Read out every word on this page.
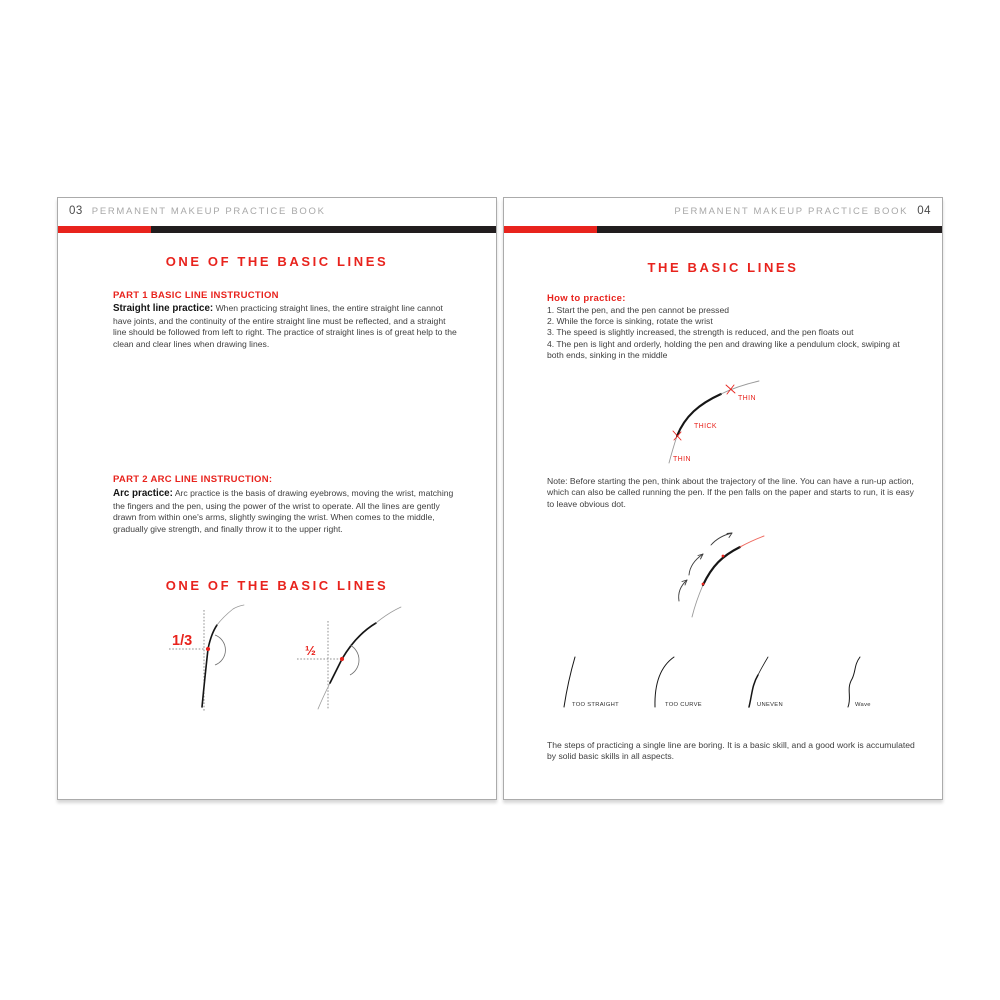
03 PERMANENT MAKEUP PRACTICE BOOK
ONE OF THE BASIC LINES
PART 1 BASIC LINE INSTRUCTION

Straight line practice: When practicing straight lines, the entire straight line cannot have joints, and the continuity of the entire straight line must be reflected, and a straight line should be followed from left to right. The practice of straight lines is of great help to the clean and clear lines when drawing lines.

PART 2 ARC LINE INSTRUCTION:

Arc practice: Arc practice is the basis of drawing eyebrows, moving the wrist, matching the fingers and the pen, using the power of the wrist to operate. All the lines are gently drawn from within one's arms, slightly swinging the wrist. When comes to the middle, gradually give strength, and finally throw it to the upper right.

ONE OF THE BASIC LINES
1/3
½
PERMANENT MAKEUP PRACTICE BOOK 04
THE BASIC LINES
How to practice:
1. Start the pen, and the pen cannot be pressed
2. While the force is sinking, rotate the wrist
3. The speed is slightly increased, the strength is reduced, and the pen floats out
4. The pen is light and orderly, holding the pen and drawing like a pendulum clock, swiping at both ends, sinking in the middle
THIN
THICK
THIN

Note: Before starting the pen, think about the trajectory of the line. You can have a run-up action, which can also be called running the pen. If the pen falls on the paper and starts to run, it is easy to leave obvious dot.

TOO STRAIGHT	TOO CURVE	UNEVEN	Wave

The steps of practicing a single line are boring. It is a basic skill, and a good work is accumulated by solid basic skills in all aspects.
